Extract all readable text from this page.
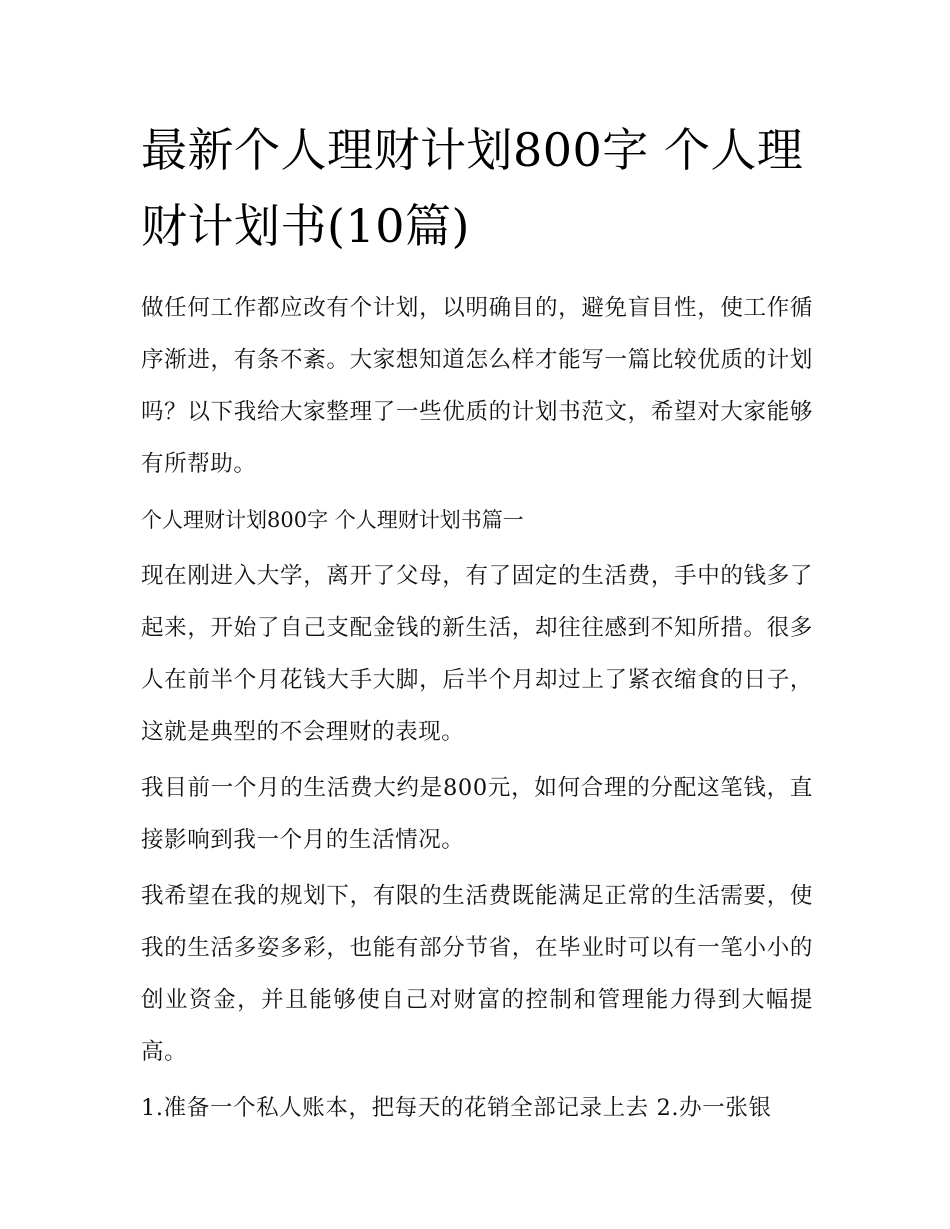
最新个人理财计划800字 个人理财计划书(10篇)

做任何工作都应改有个计划，以明确目的，避免盲目性，使工作循序渐进，有条不紊。大家想知道怎么样才能写一篇比较优质的计划吗？以下我给大家整理了一些优质的计划书范文，希望对大家能够有所帮助。

个人理财计划800字 个人理财计划书篇一

现在刚进入大学，离开了父母，有了固定的生活费，手中的钱多了起来，开始了自己支配金钱的新生活，却往往感到不知所措。很多人在前半个月花钱大手大脚，后半个月却过上了紧衣缩食的日子，这就是典型的不会理财的表现。

我目前一个月的生活费大约是800元，如何合理的分配这笔钱，直接影响到我一个月的生活情况。

我希望在我的规划下，有限的生活费既能满足正常的生活需要，使我的生活多姿多彩，也能有部分节省，在毕业时可以有一笔小小的创业资金，并且能够使自己对财富的控制和管理能力得到大幅提高。

1.准备一个私人账本，把每天的花销全部记录上去 2.办一张银
